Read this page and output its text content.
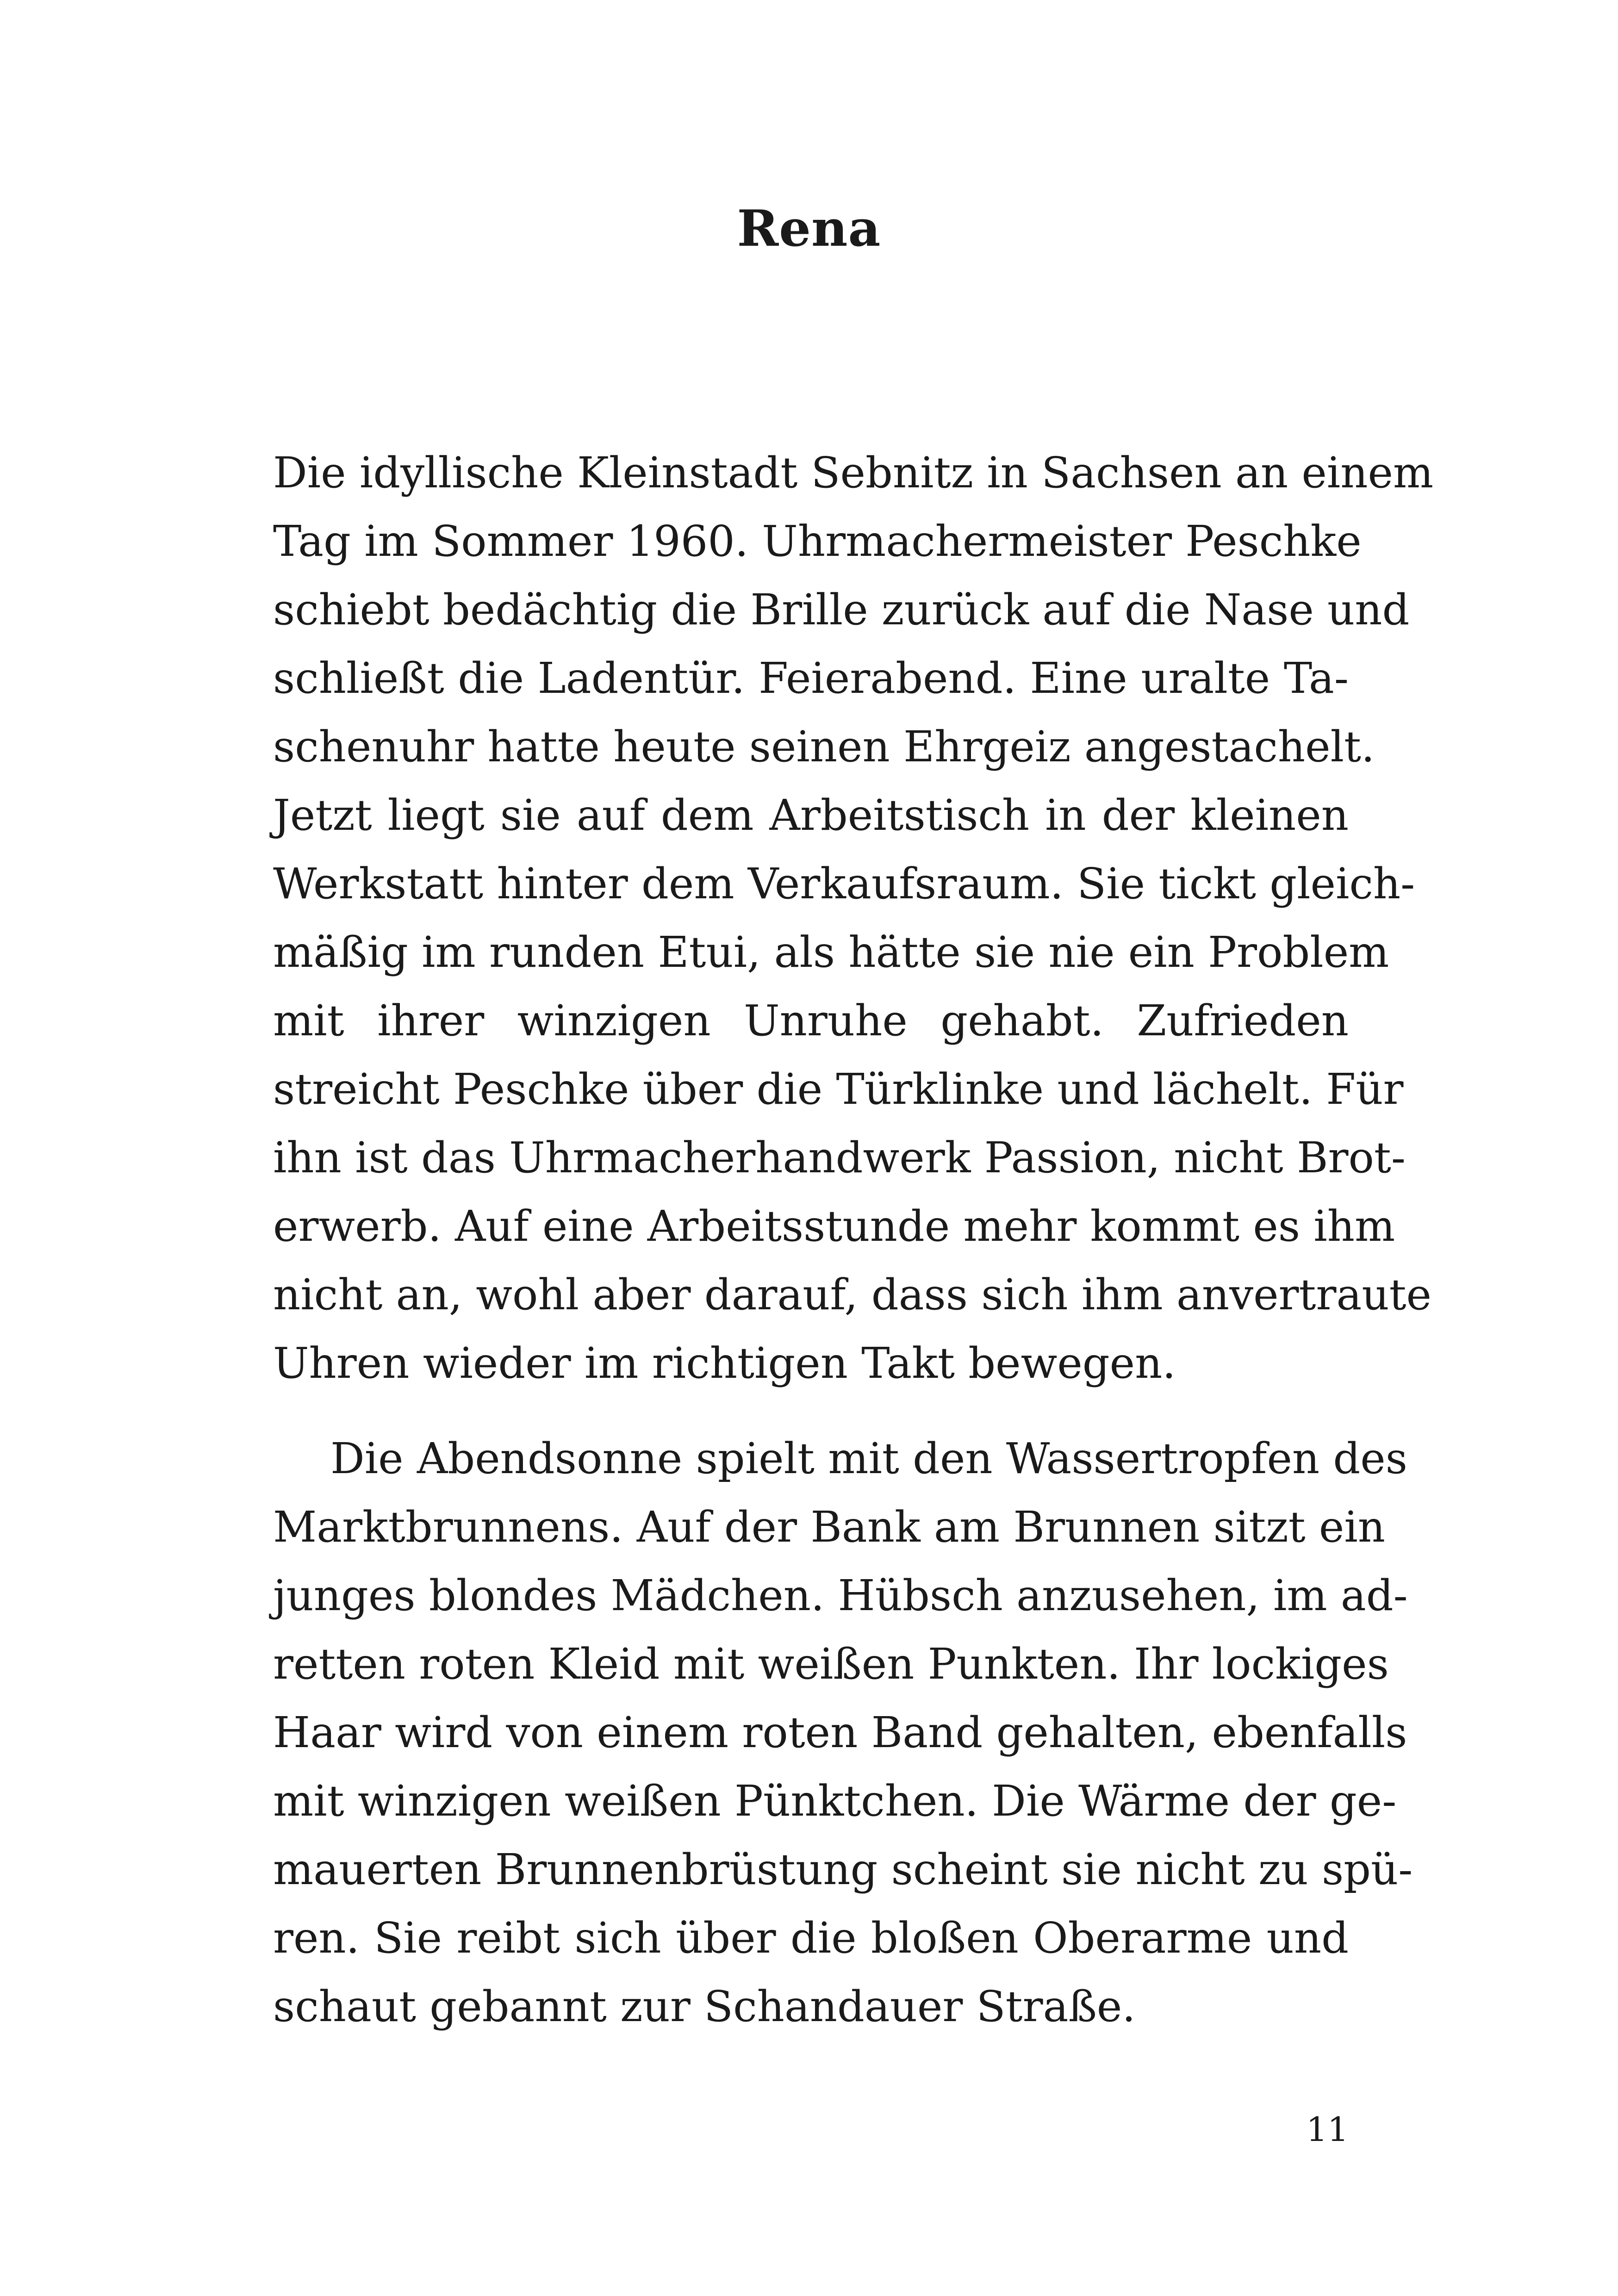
Rena
Die idyllische Kleinstadt Sebnitz in Sachsen an einem
Tag im Sommer 1960. Uhrmachermeister Peschke
schiebt bedächtig die Brille zurück auf die Nase und
schließt die Ladentür. Feierabend. Eine uralte Ta-
schenuhr hatte heute seinen Ehrgeiz angestachelt.
Jetzt liegt sie auf dem Arbeitstisch in der kleinen
Werkstatt hinter dem Verkaufsraum. Sie tickt gleich-
mäßig im runden Etui, als hätte sie nie ein Problem
mit ihrer winzigen Unruhe gehabt. Zufrieden
streicht Peschke über die Türklinke und lächelt. Für
ihn ist das Uhrmacherhandwerk Passion, nicht Brot-
erwerb. Auf eine Arbeitsstunde mehr kommt es ihm
nicht an, wohl aber darauf, dass sich ihm anvertraute
Uhren wieder im richtigen Takt bewegen.
Die Abendsonne spielt mit den Wassertropfen des
Marktbrunnens. Auf der Bank am Brunnen sitzt ein
junges blondes Mädchen. Hübsch anzusehen, im ad-
retten roten Kleid mit weißen Punkten. Ihr lockiges
Haar wird von einem roten Band gehalten, ebenfalls
mit winzigen weißen Pünktchen. Die Wärme der ge-
mauerten Brunnenbrüstung scheint sie nicht zu spü-
ren. Sie reibt sich über die bloßen Oberarme und
schaut gebannt zur Schandauer Straße.
11
